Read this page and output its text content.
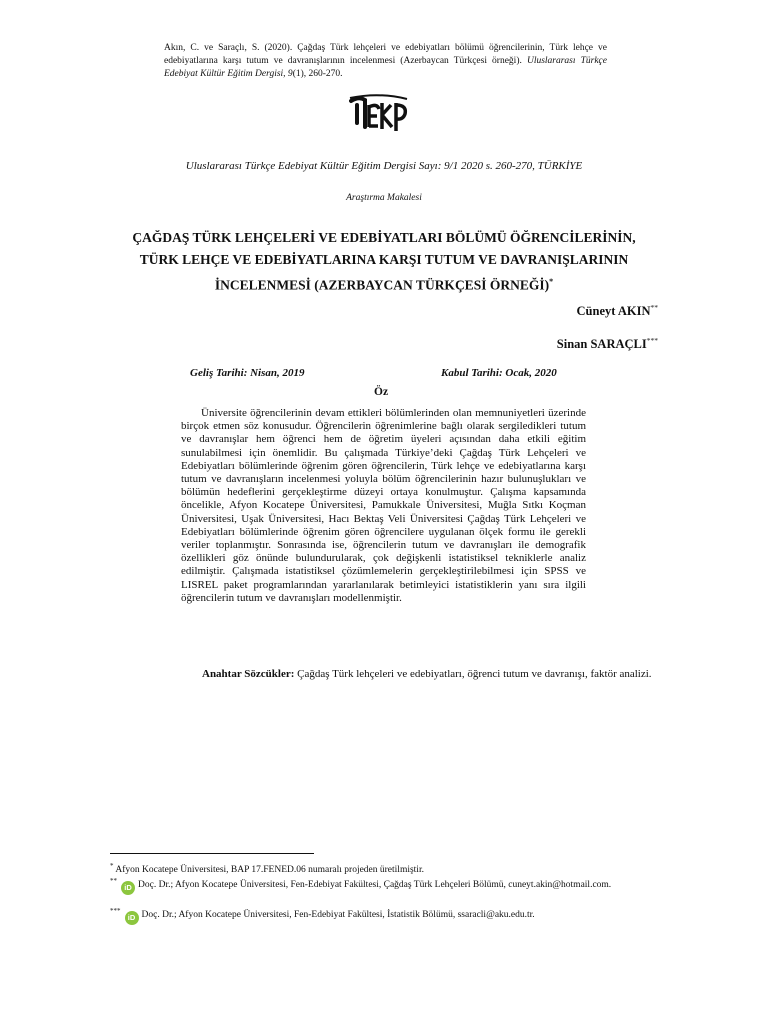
Akın, C. ve Saraçlı, S. (2020). Çağdaş Türk lehçeleri ve edebiyatları bölümü öğrencilerinin, Türk lehçe ve edebiyatlarına karşı tutum ve davranışlarının incelenmesi (Azerbaycan Türkçesi örneği). Uluslararası Türkçe Edebiyat Kültür Eğitim Dergisi, 9(1), 260-270.
Uluslararası Türkçe Edebiyat Kültür Eğitim Dergisi Sayı: 9/1 2020 s. 260-270, TÜRKİYE
Araştırma Makalesi
ÇAĞDAŞ TÜRK LEHÇELERİ VE EDEBİYATLARI BÖLÜMÜ ÖĞRENCİLERİNİN,
TÜRK LEHÇE VE EDEBİYATLARINA KARŞI TUTUM VE DAVRANIŞLARININ
İNCELENMESİ (AZERBAYCAN TÜRKÇESİ ÖRNEĞİ)*
Cüneyt AKIN**
Sinan SARAÇLI***
Geliş Tarihi: Nisan, 2019	Kabul Tarihi: Ocak, 2020
Öz
Üniversite öğrencilerinin devam ettikleri bölümlerinden olan memnuniyetleri üzerinde birçok etmen söz konusudur. Öğrencilerin öğrenimlerine bağlı olarak sergiledikleri tutum ve davranışlar hem öğrenci hem de öğretim üyeleri açısından daha etkili eğitim sunulabilmesi için önemlidir. Bu çalışmada Türkiye’deki Çağdaş Türk Lehçeleri ve Edebiyatları bölümlerinde öğrenim gören öğrencilerin, Türk lehçe ve edebiyatlarına karşı tutum ve davranışların incelenmesi yoluyla bölüm öğrencilerinin hazır bulunuşlukları ve bölümün hedeflerini gerçekleştirme düzeyi ortaya konulmuştur. Çalışma kapsamında öncelikle, Afyon Kocatepe Üniversitesi, Pamukkale Üniversitesi, Muğla Sıtkı Koçman Üniversitesi, Uşak Üniversitesi, Hacı Bektaş Veli Üniversitesi Çağdaş Türk Lehçeleri ve Edebiyatları bölümlerinde öğrenim gören öğrencilere uygulanan ölçek formu ile gerekli veriler toplanmıştır. Sonrasında ise, öğrencilerin tutum ve davranışları ile demografik özellikleri göz önünde bulundurularak, çok değişkenli istatistiksel tekniklerle analiz edilmiştir. Çalışmada istatistiksel çözümlemelerin gerçekleştirilebilmesi için SPSS ve LISREL paket programlarından yararlanılarak betimleyici istatistiklerin yanı sıra ilgili öğrencilerin tutum ve davranışları modellenmiştir.
Anahtar Sözcükler: Çağdaş Türk lehçeleri ve edebiyatları, öğrenci tutum ve davranışı, faktör analizi.
* Afyon Kocatepe Üniversitesi, BAP 17.FENED.06 numaralı projeden üretilmiştir.
**iD Doç. Dr.; Afyon Kocatepe Üniversitesi, Fen-Edebiyat Fakültesi, Çağdaş Türk Lehçeleri Bölümü, cuneyt.akin@hotmail.com.
***iD Doç. Dr.; Afyon Kocatepe Üniversitesi, Fen-Edebiyat Fakültesi, İstatistik Bölümü, ssaracli@aku.edu.tr.
